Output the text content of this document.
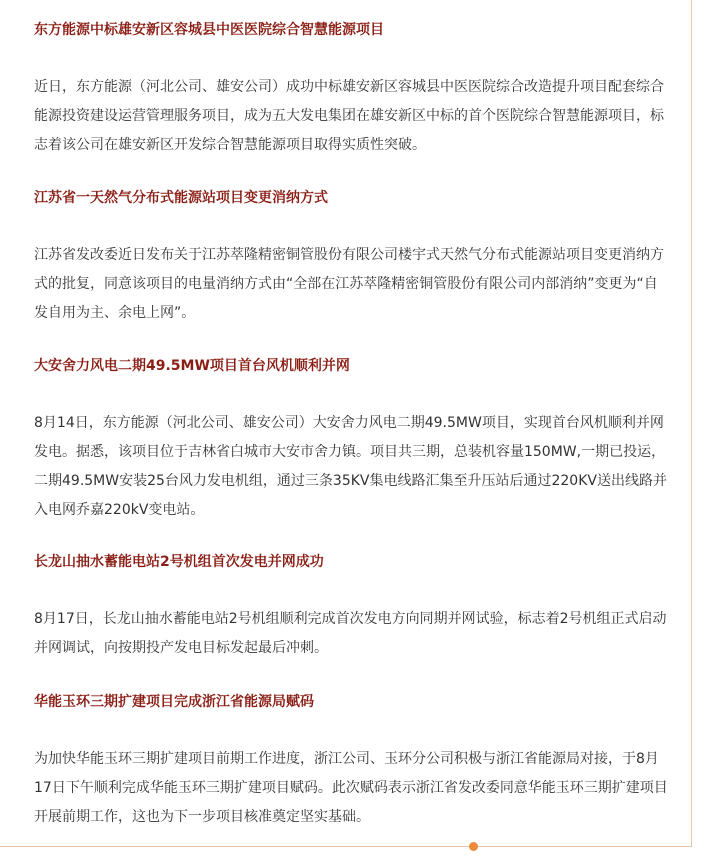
东方能源中标雄安新区容城县中医医院综合智慧能源项目

近日，东方能源（河北公司、雄安公司）成功中标雄安新区容城县中医医院综合改造提升项目配套综合能源投资建设运营管理服务项目，成为五大发电集团在雄安新区中标的首个医院综合智慧能源项目，标志着该公司在雄安新区开发综合智慧能源项目取得实质性突破。

江苏省一天然气分布式能源站项目变更消纳方式

江苏省发改委近日发布关于江苏萃隆精密铜管股份有限公司楼宇式天然气分布式能源站项目变更消纳方式的批复，同意该项目的电量消纳方式由“全部在江苏萃隆精密铜管股份有限公司内部消纳”变更为“自发自用为主、余电上网”。

大安舍力风电二期49.5MW项目首台风机顺利并网

8月14日，东方能源（河北公司、雄安公司）大安舍力风电二期49.5MW项目，实现首台风机顺利并网发电。据悉，该项目位于吉林省白城市大安市舍力镇。项目共三期，总装机容量150MW,一期已投运，二期49.5MW安装25台风力发电机组，通过三条35KV集电线路汇集至升压站后通过220KV送出线路并入电网乔嘉220kV变电站。

长龙山抽水蓄能电站2号机组首次发电并网成功

8月17日，长龙山抽水蓄能电站2号机组顺利完成首次发电方向同期并网试验，标志着2号机组正式启动并网调试，向按期投产发电目标发起最后冲刺。

华能玉环三期扩建项目完成浙江省能源局赋码

为加快华能玉环三期扩建项目前期工作进度，浙江公司、玉环分公司积极与浙江省能源局对接，于8月17日下午顺利完成华能玉环三期扩建项目赋码。此次赋码表示浙江省发改委同意华能玉环三期扩建项目开展前期工作，这也为下一步项目核准奠定坚实基础。
